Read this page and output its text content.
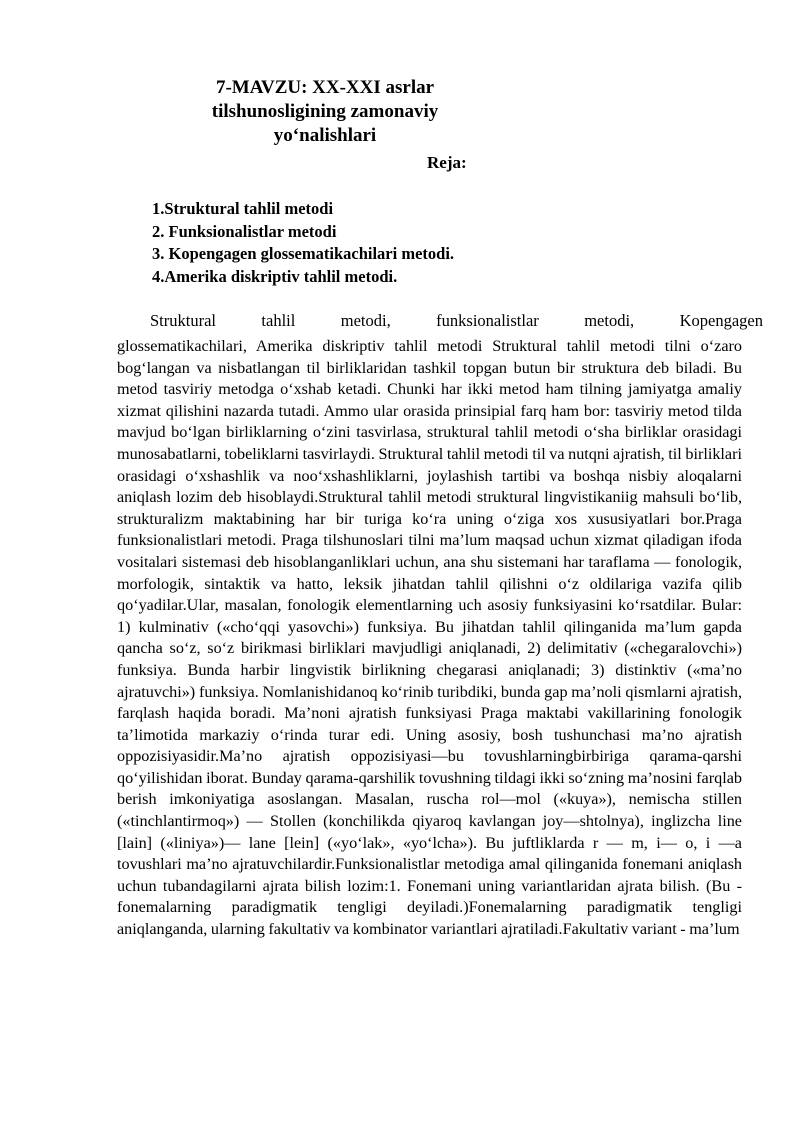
7-MAVZU: XX-XXI asrlar
tilshunosligining zamonaviy
yo‘nalishlari
Reja:
1.Struktural tahlil metodi
2. Funksionalistlar metodi
3. Kopengagen glossematikachilari metodi.
4.Amerika diskriptiv tahlil metodi.
Struktural tahlil metodi, funksionalistlar metodi, Kopengagen

glossematikachilari, Amerika diskriptiv tahlil metodi Struktural tahlil metodi tilni o‘zaro bog‘langan va nisbatlangan til birliklaridan tashkil topgan butun bir struktura deb biladi. Bu metod tasviriy metodga o‘xshab ketadi. Chunki har ikki metod ham tilning jamiyatga amaliy xizmat qilishini nazarda tutadi. Ammo ular orasida prinsipial farq ham bor: tasviriy metod tilda mavjud bo‘lgan birliklarning o‘zini tasvirlasa, struktural tahlil metodi o‘sha birliklar orasidagi munosabatlarni, tobeliklarni tasvirlaydi. Struktural tahlil metodi til va nutqni ajratish, til birliklari orasidagi o‘xshashlik va noo‘xshashliklarni, joylashish tartibi va boshqa nisbiy aloqalarni aniqlash lozim deb hisoblaydi.Struktural tahlil metodi struktural lingvistikaniig mahsuli bo‘lib, strukturalizm maktabining har bir turiga ko‘ra uning o‘ziga xos xususiyatlari bor.Praga funksionalistlari metodi. Praga tilshunoslari tilni ma’lum maqsad uchun xizmat qiladigan ifoda vositalari sistemasi deb hisoblanganliklari uchun, ana shu sistemani har taraflama — fonologik, morfologik, sintaktik va hatto, leksik jihatdan tahlil qilishni o‘z oldilariga vazifa qilib qo‘yadilar.Ular, masalan, fonologik elementlarning uch asosiy funksiyasini ko‘rsatdilar. Bular: 1) kulminativ («cho‘qqi yasovchi») funksiya. Bu jihatdan tahlil qilinganida ma’lum gapda qancha so‘z, so‘z birikmasi birliklari mavjudligi aniqlanadi, 2) delimitativ («chegaralovchi») funksiya. Bunda harbir lingvistik birlikning chegarasi aniqlanadi; 3) distinktiv («ma’no ajratuvchi») funksiya. Nomlanishidanoq ko‘rinib turibdiki, bunda gap ma’noli qismlarni ajratish, farqlash haqida boradi. Ma’noni ajratish funksiyasi Praga maktabi vakillarining fonologik ta’limotida markaziy o‘rinda turar edi. Uning asosiy, bosh tushunchasi ma’no ajratish oppozisiyasidir.Ma’no ajratish oppozisiyasi—bu tovushlarningbirbiriga qarama-qarshi qo‘yilishidan iborat. Bunday qarama-qarshilik tovushning tildagi ikki so‘zning ma’nosini farqlab berish imkoniyatiga asoslangan. Masalan, ruscha rol—mol («kuya»), nemischa stillen («tinchlantirmoq») — Stollen (konchilikda qiyaroq kavlangan joy—shtolnya), inglizcha line [lain] («liniya»)— lane [lein] («yo‘lak», «yo‘lcha»). Bu juftliklarda r — m, i— o, i —a tovushlari ma’no ajratuvchilardir.Funksionalistlar metodiga amal qilinganida fonemani aniqlash uchun tubandagilarni ajrata bilish lozim:1. Fonemani uning variantlaridan ajrata bilish. (Bu - fonemalarning paradigmatik tengligi deyiladi.)Fonemalarning paradigmatik tengligi aniqlanganda, ularning fakultativ va kombinator variantlari ajratiladi.Fakultativ variant - ma’lum
